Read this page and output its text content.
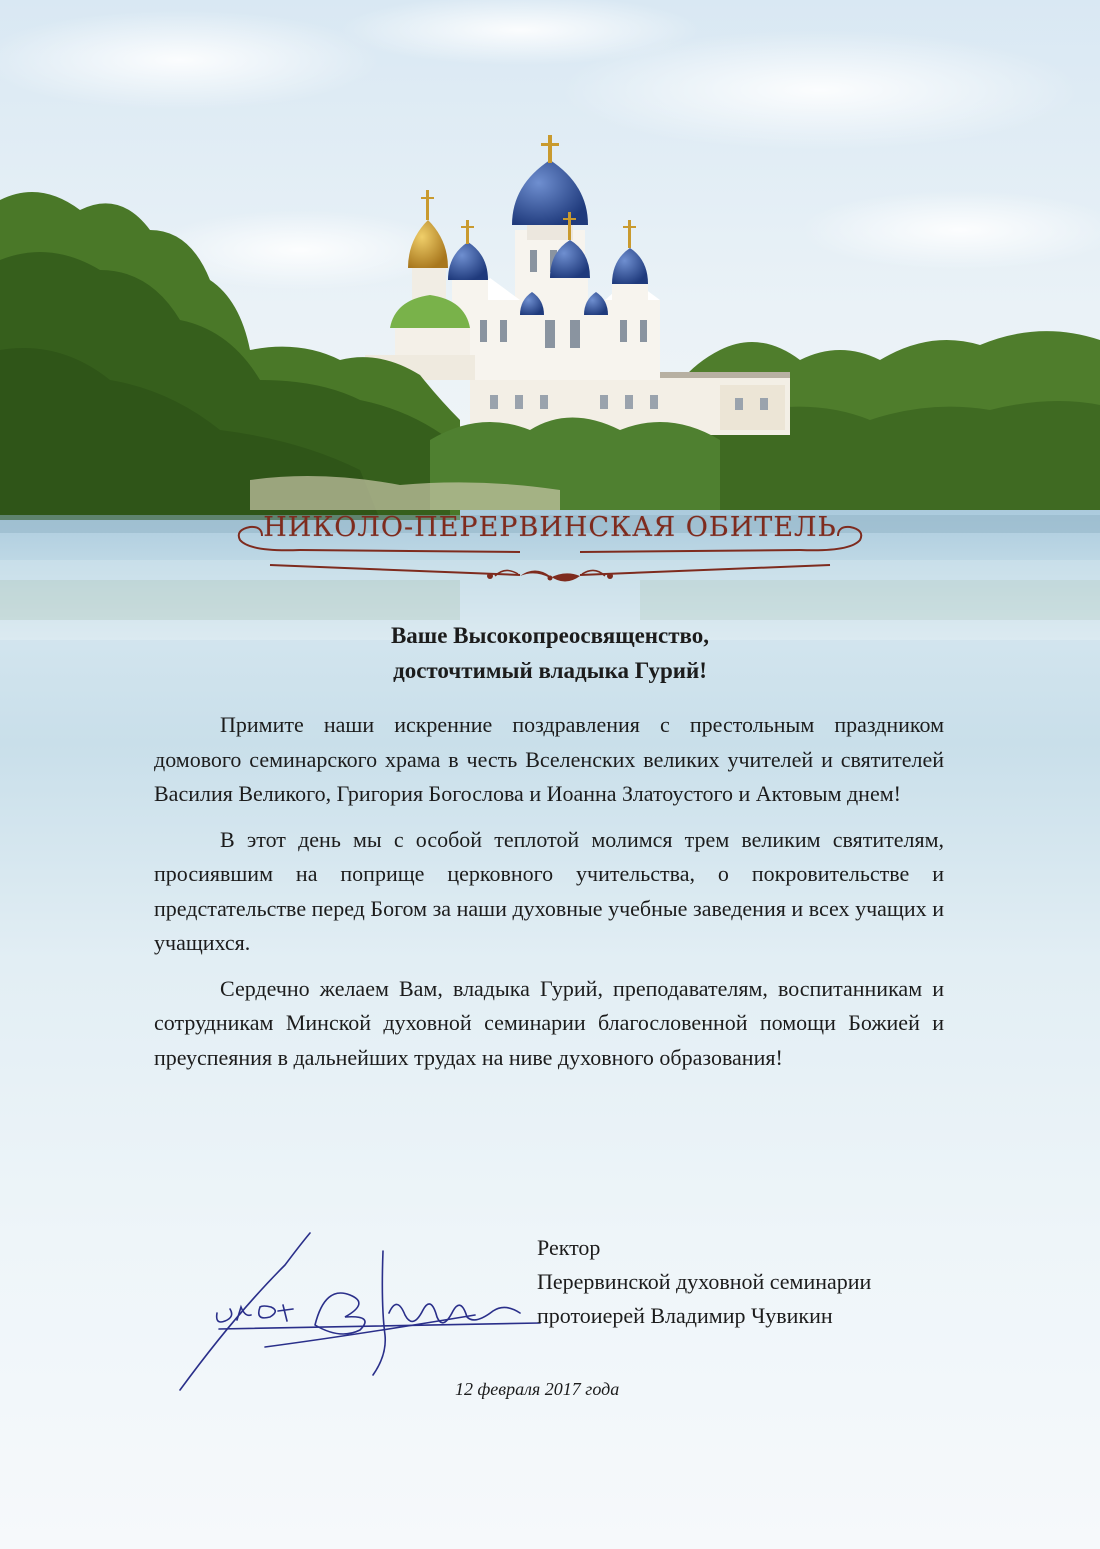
НИКОЛО-ПЕРЕРВИНСКАЯ ОБИТЕЛЬ
Ваше Высокопреосвященство,
досточтимый владыка Гурий!

Примите наши искренние поздравления с престольным праздником домового семинарского храма в честь Вселенских великих учителей и святителей Василия Великого, Григория Богослова и Иоанна Златоустого и Актовым днем!

В этот день мы с особой теплотой молимся трем великим святителям, просиявшим на поприще церковного учительства, о покровительстве и предстательстве перед Богом за наши духовные учебные заведения и всех учащих и учащихся.

Сердечно желаем Вам, владыка Гурий, преподавателям, воспитанникам и сотрудникам Минской духовной семинарии благословенной помощи Божией и преуспеяния в дальнейших трудах на ниве духовного образования!

Ректор
Перервинской духовной семинарии
протоиерей Владимир Чувикин
12 февраля 2017 года
